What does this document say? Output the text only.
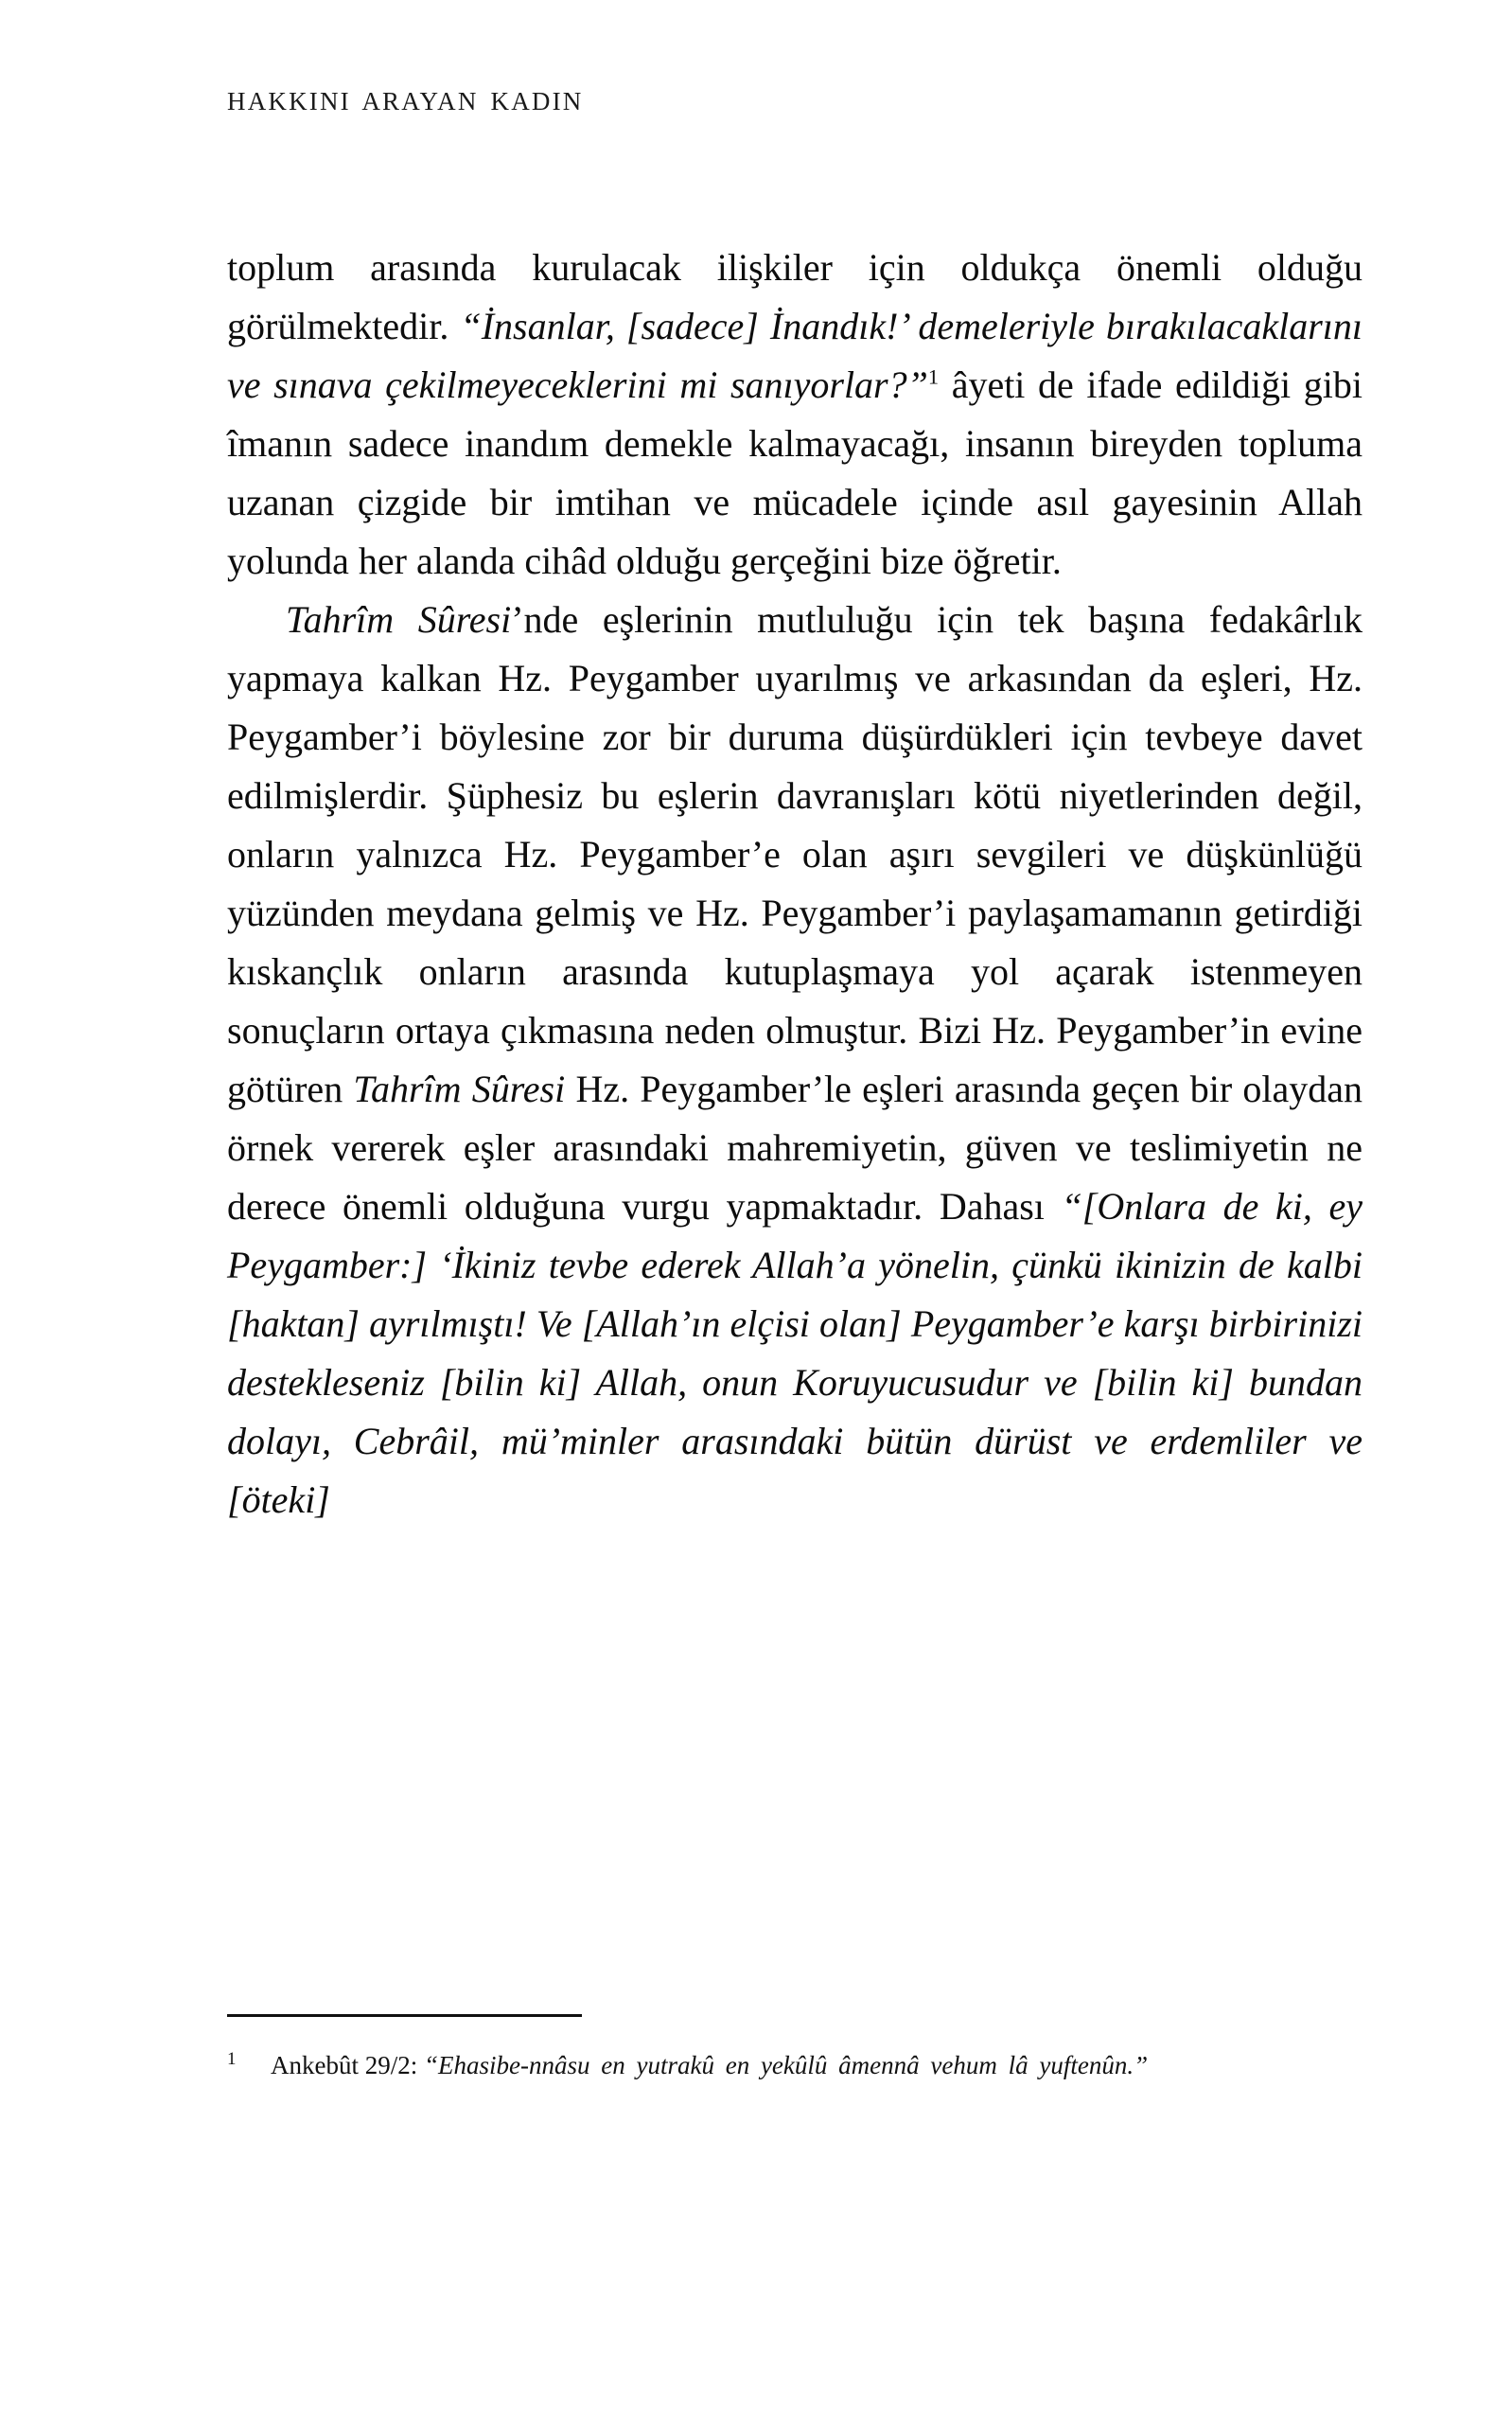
HAKKINI ARAYAN KADIN

toplum arasında kurulacak ilişkiler için oldukça önemli olduğu görülmektedir. “İnsanlar, [sadece] İnandık!’ demeleriyle bırakılacaklarını ve sınava çekilmeyeceklerini mi sanıyorlar?”$^1$ âyeti de ifade edildiği gibi îmanın sadece inandım demekle kalmayacağı, insanın bireyden topluma uzanan çizgide bir imtihan ve mücadele içinde asıl gayesinin Allah yolunda her alanda cihâd olduğu gerçeğini bize öğretir.

Tahrîm Sûresi’nde eşlerinin mutluluğu için tek başına fedakârlık yapmaya kalkan Hz. Peygamber uyarılmış ve arkasından da eşleri, Hz. Peygamber’i böylesine zor bir duruma düşürdükleri için tevbeye davet edilmişlerdir. Şüphesiz bu eşlerin davranışları kötü niyetlerinden değil, onların yalnızca Hz. Peygamber’e olan aşırı sevgileri ve düşkünlüğü yüzünden meydana gelmiş ve Hz. Peygamber’i paylaşamamanın getirdiği kıskançlık onların arasında kutuplaşmaya yol açarak istenmeyen sonuçların ortaya çıkmasına neden olmuştur. Bizi Hz. Peygamber’in evine götüren Tahrîm Sûresi Hz. Peygamber’le eşleri arasında geçen bir olaydan örnek vererek eşler arasındaki mahremiyetin, güven ve teslimiyetin ne derece önemli olduğuna vurgu yapmaktadır. Dahası “[Onlara de ki, ey Peygamber:] ‘İkiniz tevbe ederek Allah’a yönelin, çünkü ikinizin de kalbi [haktan] ayrılmıştı! Ve [Allah’ın elçisi olan] Peygamber’e karşı birbirinizi destekleseniz [bilin ki] Allah, onun Koruyucusudur ve [bilin ki] bundan dolayı, Cebrâil, mü’minler arasındaki bütün dürüst ve erdemliler ve [öteki]

1 Ankebût 29/2: “Ehasibe-nnâsu en yutrakû en yekûlû âmennâ vehum lâ yuftenûn.”
